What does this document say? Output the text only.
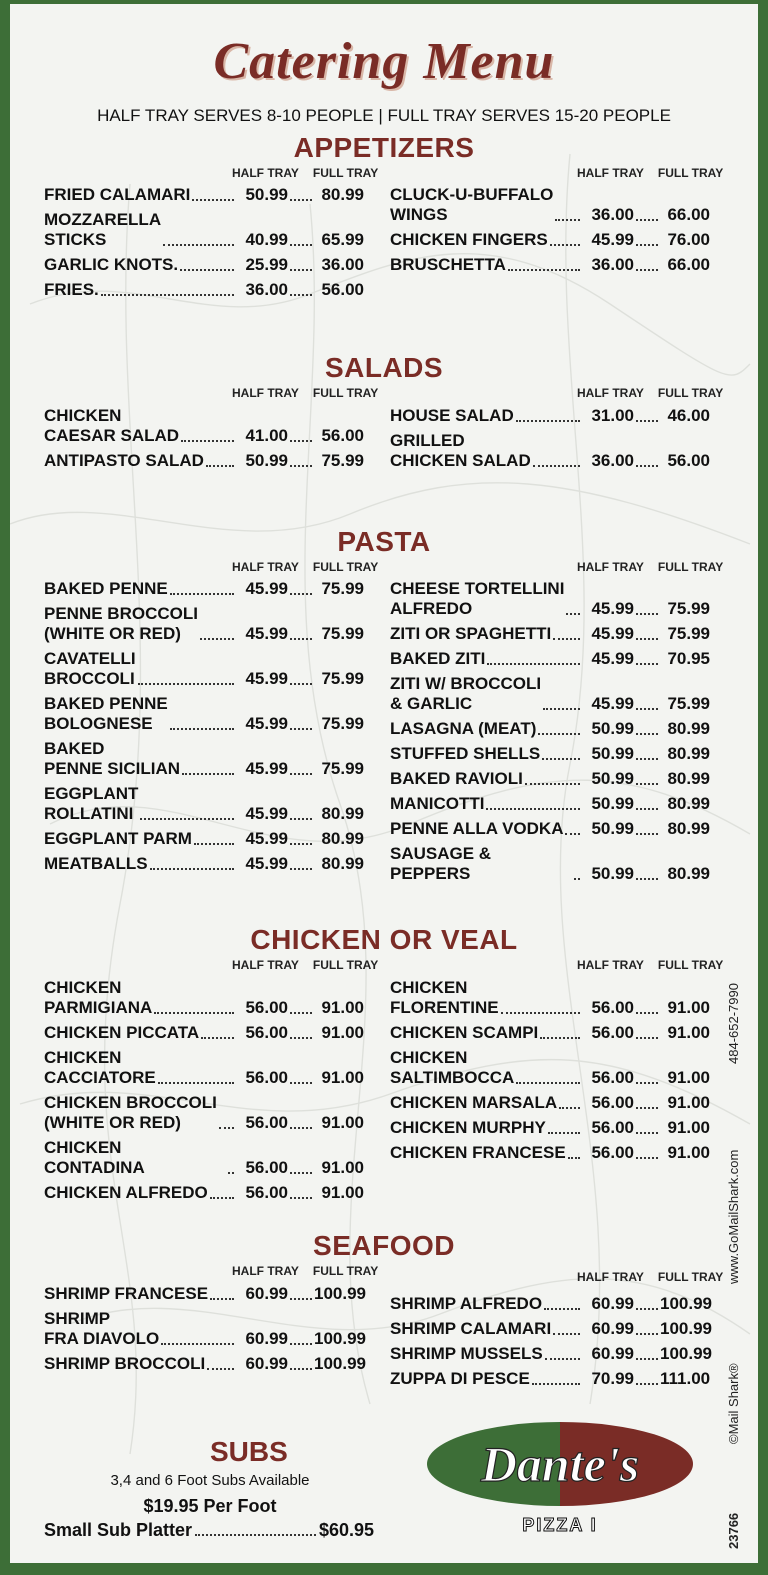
Catering Menu
HALF TRAY SERVES 8-10 PEOPLE | FULL TRAY SERVES 15-20 PEOPLE
APPETIZERS
HALF TRAY FULL TRAY
FRIED CALAMARI	50.99	80.99
MOZZARELLA
STICKS	40.99	65.99
GARLIC KNOTS.	25.99	36.00
FRIES.	36.00	56.00
HALF TRAY FULL TRAY
CLUCK-U-BUFFALO
WINGS	36.00	66.00
CHICKEN FINGERS	45.99	76.00
BRUSCHETTA	36.00	66.00
SALADS
HALF TRAY FULL TRAY
CHICKEN
CAESAR SALAD	41.00	56.00
ANTIPASTO SALAD	50.99	75.99
HALF TRAY FULL TRAY
HOUSE SALAD	31.00	46.00
GRILLED
CHICKEN SALAD	36.00	56.00
PASTA
HALF TRAY FULL TRAY
BAKED PENNE	45.99	75.99
PENNE BROCCOLI
(WHITE OR RED)	45.99	75.99
CAVATELLI
BROCCOLI	45.99	75.99
BAKED PENNE
BOLOGNESE	45.99	75.99
BAKED
PENNE SICILIAN	45.99	75.99
EGGPLANT
ROLLATINI	45.99	80.99
EGGPLANT PARM	45.99	80.99
MEATBALLS	45.99	80.99
HALF TRAY FULL TRAY
CHEESE TORTELLINI
ALFREDO	45.99	75.99
ZITI OR SPAGHETTI	45.99	75.99
BAKED ZITI	45.99	70.95
ZITI W/ BROCCOLI
& GARLIC	45.99	75.99
LASAGNA (MEAT)	50.99	80.99
STUFFED SHELLS	50.99	80.99
BAKED RAVIOLI	50.99	80.99
MANICOTTI	50.99	80.99
PENNE ALLA VODKA	50.99	80.99
SAUSAGE & PEPPERS	50.99	80.99
CHICKEN OR VEAL
HALF TRAY FULL TRAY
CHICKEN
PARMIGIANA	56.00	91.00
CHICKEN PICCATA	56.00	91.00
CHICKEN
CACCIATORE	56.00	91.00
CHICKEN BROCCOLI
(WHITE OR RED)	56.00	91.00
CHICKEN CONTADINA	56.00	91.00
CHICKEN ALFREDO	56.00	91.00
HALF TRAY FULL TRAY
CHICKEN
FLORENTINE	56.00	91.00
CHICKEN SCAMPI	56.00	91.00
CHICKEN
SALTIMBOCCA	56.00	91.00
CHICKEN MARSALA	56.00	91.00
CHICKEN MURPHY	56.00	91.00
CHICKEN FRANCESE	56.00	91.00
SEAFOOD
HALF TRAY FULL TRAY
SHRIMP FRANCESE	60.99 100.99
SHRIMP
FRA DIAVOLO	60.99 100.99
SHRIMP BROCCOLI	60.99 100.99
HALF TRAY FULL TRAY
SHRIMP ALFREDO	60.99 100.99
SHRIMP CALAMARI	60.99 100.99
SHRIMP MUSSELS	60.99 100.99
ZUPPA DI PESCE	70.99 111.00
SUBS
3,4 and 6 Foot Subs Available
$19.95 Per Foot
Small Sub Platter	$60.95
Dante's
PIZZA I
484-652-7990
www.GoMailShark.com
©Mail Shark®
23766
